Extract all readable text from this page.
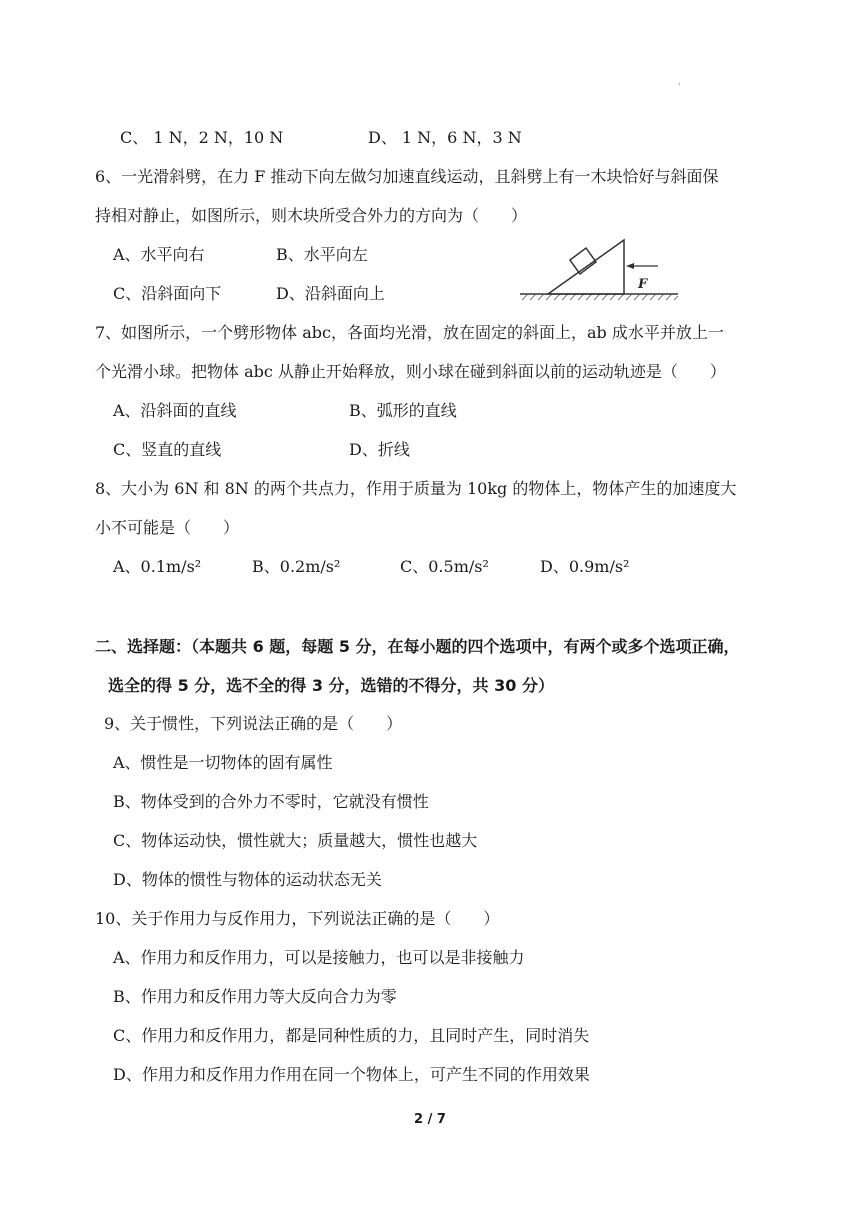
'
C、 1 N，2 N，10 N	D、 1 N，6 N，3 N
6、一光滑斜劈，在力 F 推动下向左做匀加速直线运动，且斜劈上有一木块恰好与斜面保
持相对静止，如图所示，则木块所受合外力的方向为（　　）
A、水平向右	B、水平向左
C、沿斜面向下	D、沿斜面向上	F
7、如图所示，一个劈形物体 abc，各面均光滑，放在固定的斜面上，ab 成水平并放上一
个光滑小球。把物体 abc 从静止开始释放，则小球在碰到斜面以前的运动轨迹是（　　）
A、沿斜面的直线	B、弧形的直线
C、竖直的直线	D、折线
8、大小为 6N 和 8N 的两个共点力，作用于质量为 10kg 的物体上，物体产生的加速度大
小不可能是（　　）
A、0.1m/s²	B、0.2m/s²	C、0.5m/s²	D、0.9m/s²
二、选择题：（本题共 6 题，每题 5 分，在每小题的四个选项中，有两个或多个选项正确，
选全的得 5 分，选不全的得 3 分，选错的不得分，共 30 分）
9、关于惯性，下列说法正确的是（　　）
A、惯性是一切物体的固有属性
B、物体受到的合外力不零时，它就没有惯性
C、物体运动快，惯性就大；质量越大，惯性也越大
D、物体的惯性与物体的运动状态无关
10、关于作用力与反作用力，下列说法正确的是（　　）
A、作用力和反作用力，可以是接触力，也可以是非接触力
B、作用力和反作用力等大反向合力为零
C、作用力和反作用力，都是同种性质的力，且同时产生，同时消失
D、作用力和反作用力作用在同一个物体上，可产生不同的作用效果
2 / 7
